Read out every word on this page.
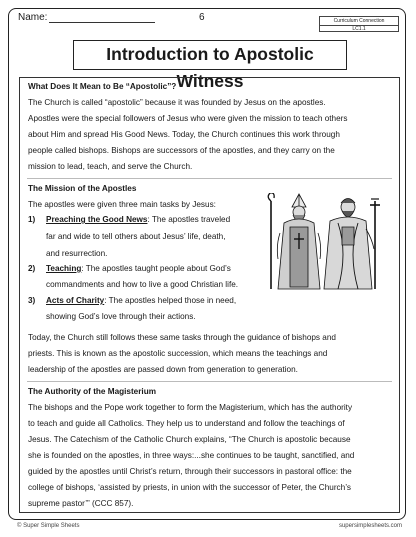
Name:	6	Curriculum Connection
LC1.1
Introduction to Apostolic Witness
What Does It Mean to Be “Apostolic”?
The Church is called “apostolic” because it was founded by Jesus on the apostles.
Apostles were the special followers of Jesus who were given the mission to teach others
about Him and spread His Good News. Today, the Church continues this work through
people called bishops. Bishops are successors of the apostles, and they carry on the
mission to lead, teach, and serve the Church.
The Mission of the Apostles
The apostles were given three main tasks by Jesus:
1) Preaching the Good News: The apostles traveled
far and wide to tell others about Jesus’ life, death,
and resurrection.
2) Teaching: The apostles taught people about God’s
commandments and how to live a good Christian life.
3) Acts of Charity: The apostles helped those in need,
showing God’s love through their actions.
Today, the Church still follows these same tasks through the guidance of bishops and
priests. This is known as the apostolic succession, which means the teachings and
leadership of the apostles are passed down from generation to generation.
The Authority of the Magisterium
The bishops and the Pope work together to form the Magisterium, which has the authority
to teach and guide all Catholics. They help us to understand and follow the teachings of
Jesus. The Catechism of the Catholic Church explains, “The Church is apostolic because
she is founded on the apostles, in three ways:...she continues to be taught, sanctified, and
guided by the apostles until Christ’s return, through their successors in pastoral office: the
college of bishops, ‘assisted by priests, in union with the successor of Peter, the Church’s
supreme pastor’” (CCC 857).
© Super Simple Sheets	supersimplesheets.com
